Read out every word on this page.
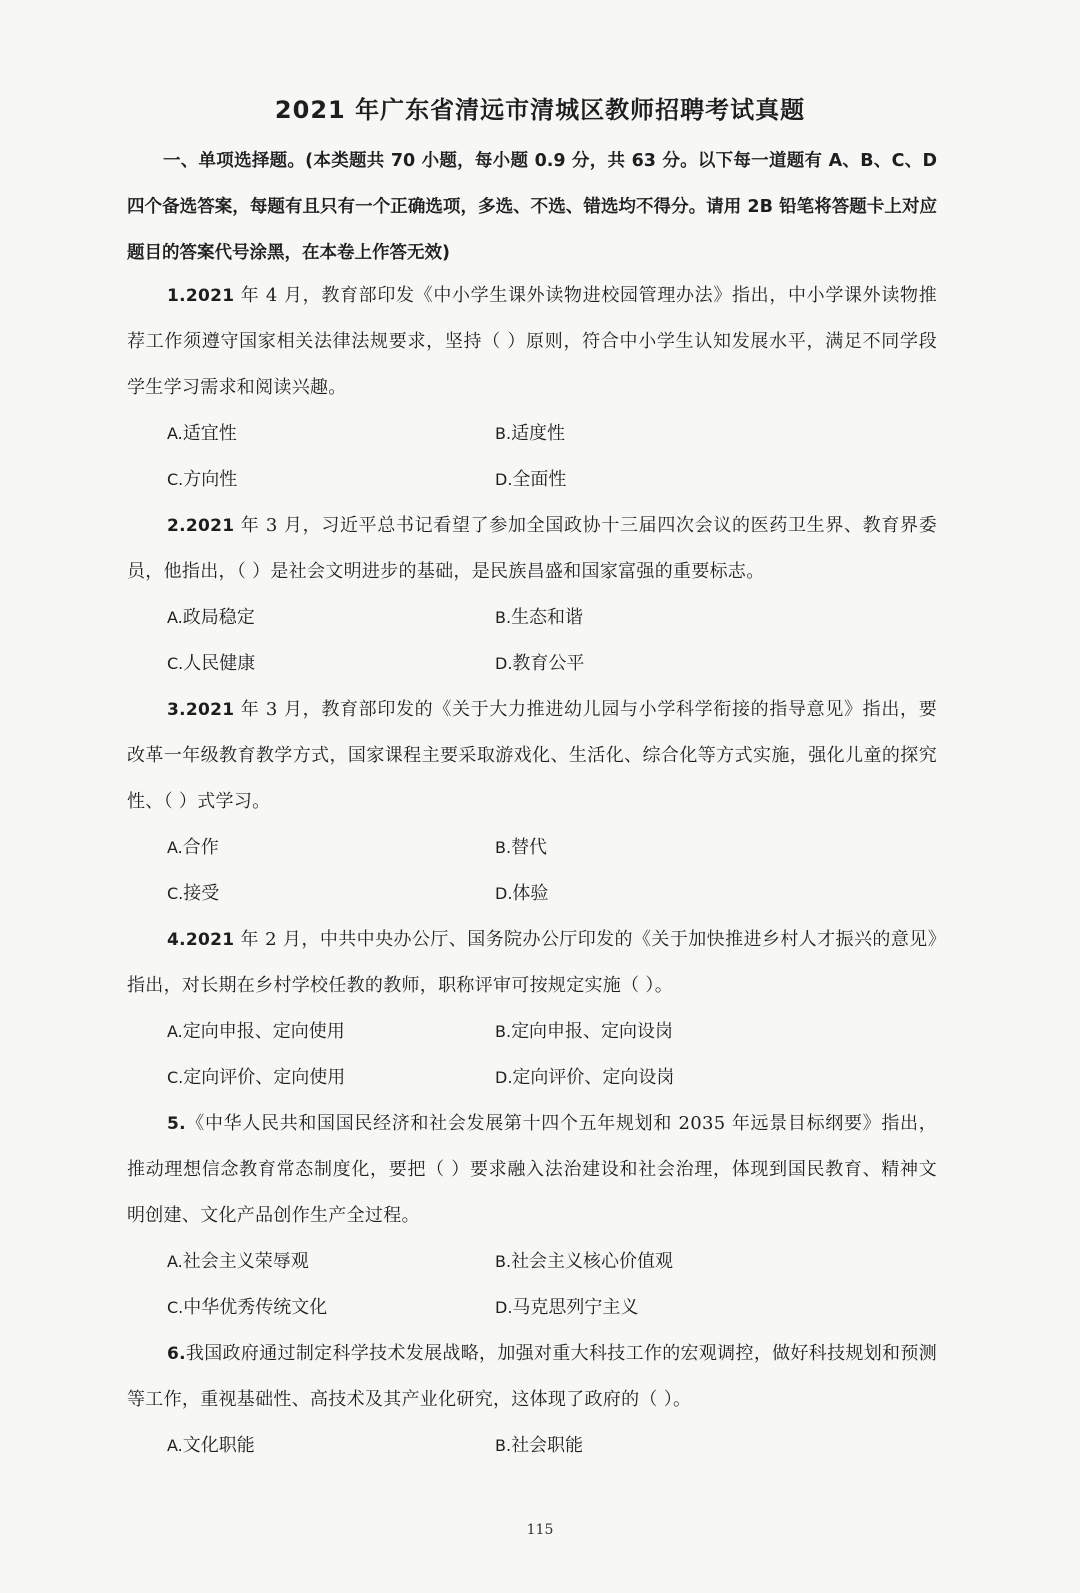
2021 年广东省清远市清城区教师招聘考试真题
一、单项选择题。(本类题共 70 小题，每小题 0.9 分，共 63 分。以下每一道题有 A、B、C、D 四个备选答案，每题有且只有一个正确选项，多选、不选、错选均不得分。请用 2B 铅笔将答题卡上对应题目的答案代号涂黑，在本卷上作答无效)
1.2021 年 4 月，教育部印发《中小学生课外读物进校园管理办法》指出，中小学课外读物推荐工作须遵守国家相关法律法规要求，坚持（ ）原则，符合中小学生认知发展水平，满足不同学段学生学习需求和阅读兴趣。
A.适宜性	B.适度性
C.方向性	D.全面性
2.2021 年 3 月，习近平总书记看望了参加全国政协十三届四次会议的医药卫生界、教育界委员，他指出，（ ）是社会文明进步的基础，是民族昌盛和国家富强的重要标志。
A.政局稳定	B.生态和谐
C.人民健康	D.教育公平
3.2021 年 3 月，教育部印发的《关于大力推进幼儿园与小学科学衔接的指导意见》指出，要改革一年级教育教学方式，国家课程主要采取游戏化、生活化、综合化等方式实施，强化儿童的探究性、（ ）式学习。
A.合作	B.替代
C.接受	D.体验
4.2021 年 2 月，中共中央办公厅、国务院办公厅印发的《关于加快推进乡村人才振兴的意见》指出，对长期在乡村学校任教的教师，职称评审可按规定实施（ ）。
A.定向申报、定向使用	B.定向申报、定向设岗
C.定向评价、定向使用	D.定向评价、定向设岗
5.《中华人民共和国国民经济和社会发展第十四个五年规划和 2035 年远景目标纲要》指出，推动理想信念教育常态制度化，要把（ ）要求融入法治建设和社会治理，体现到国民教育、精神文明创建、文化产品创作生产全过程。
A.社会主义荣辱观	B.社会主义核心价值观
C.中华优秀传统文化	D.马克思列宁主义
6.我国政府通过制定科学技术发展战略，加强对重大科技工作的宏观调控，做好科技规划和预测等工作，重视基础性、高技术及其产业化研究，这体现了政府的（ ）。
A.文化职能	B.社会职能
115
